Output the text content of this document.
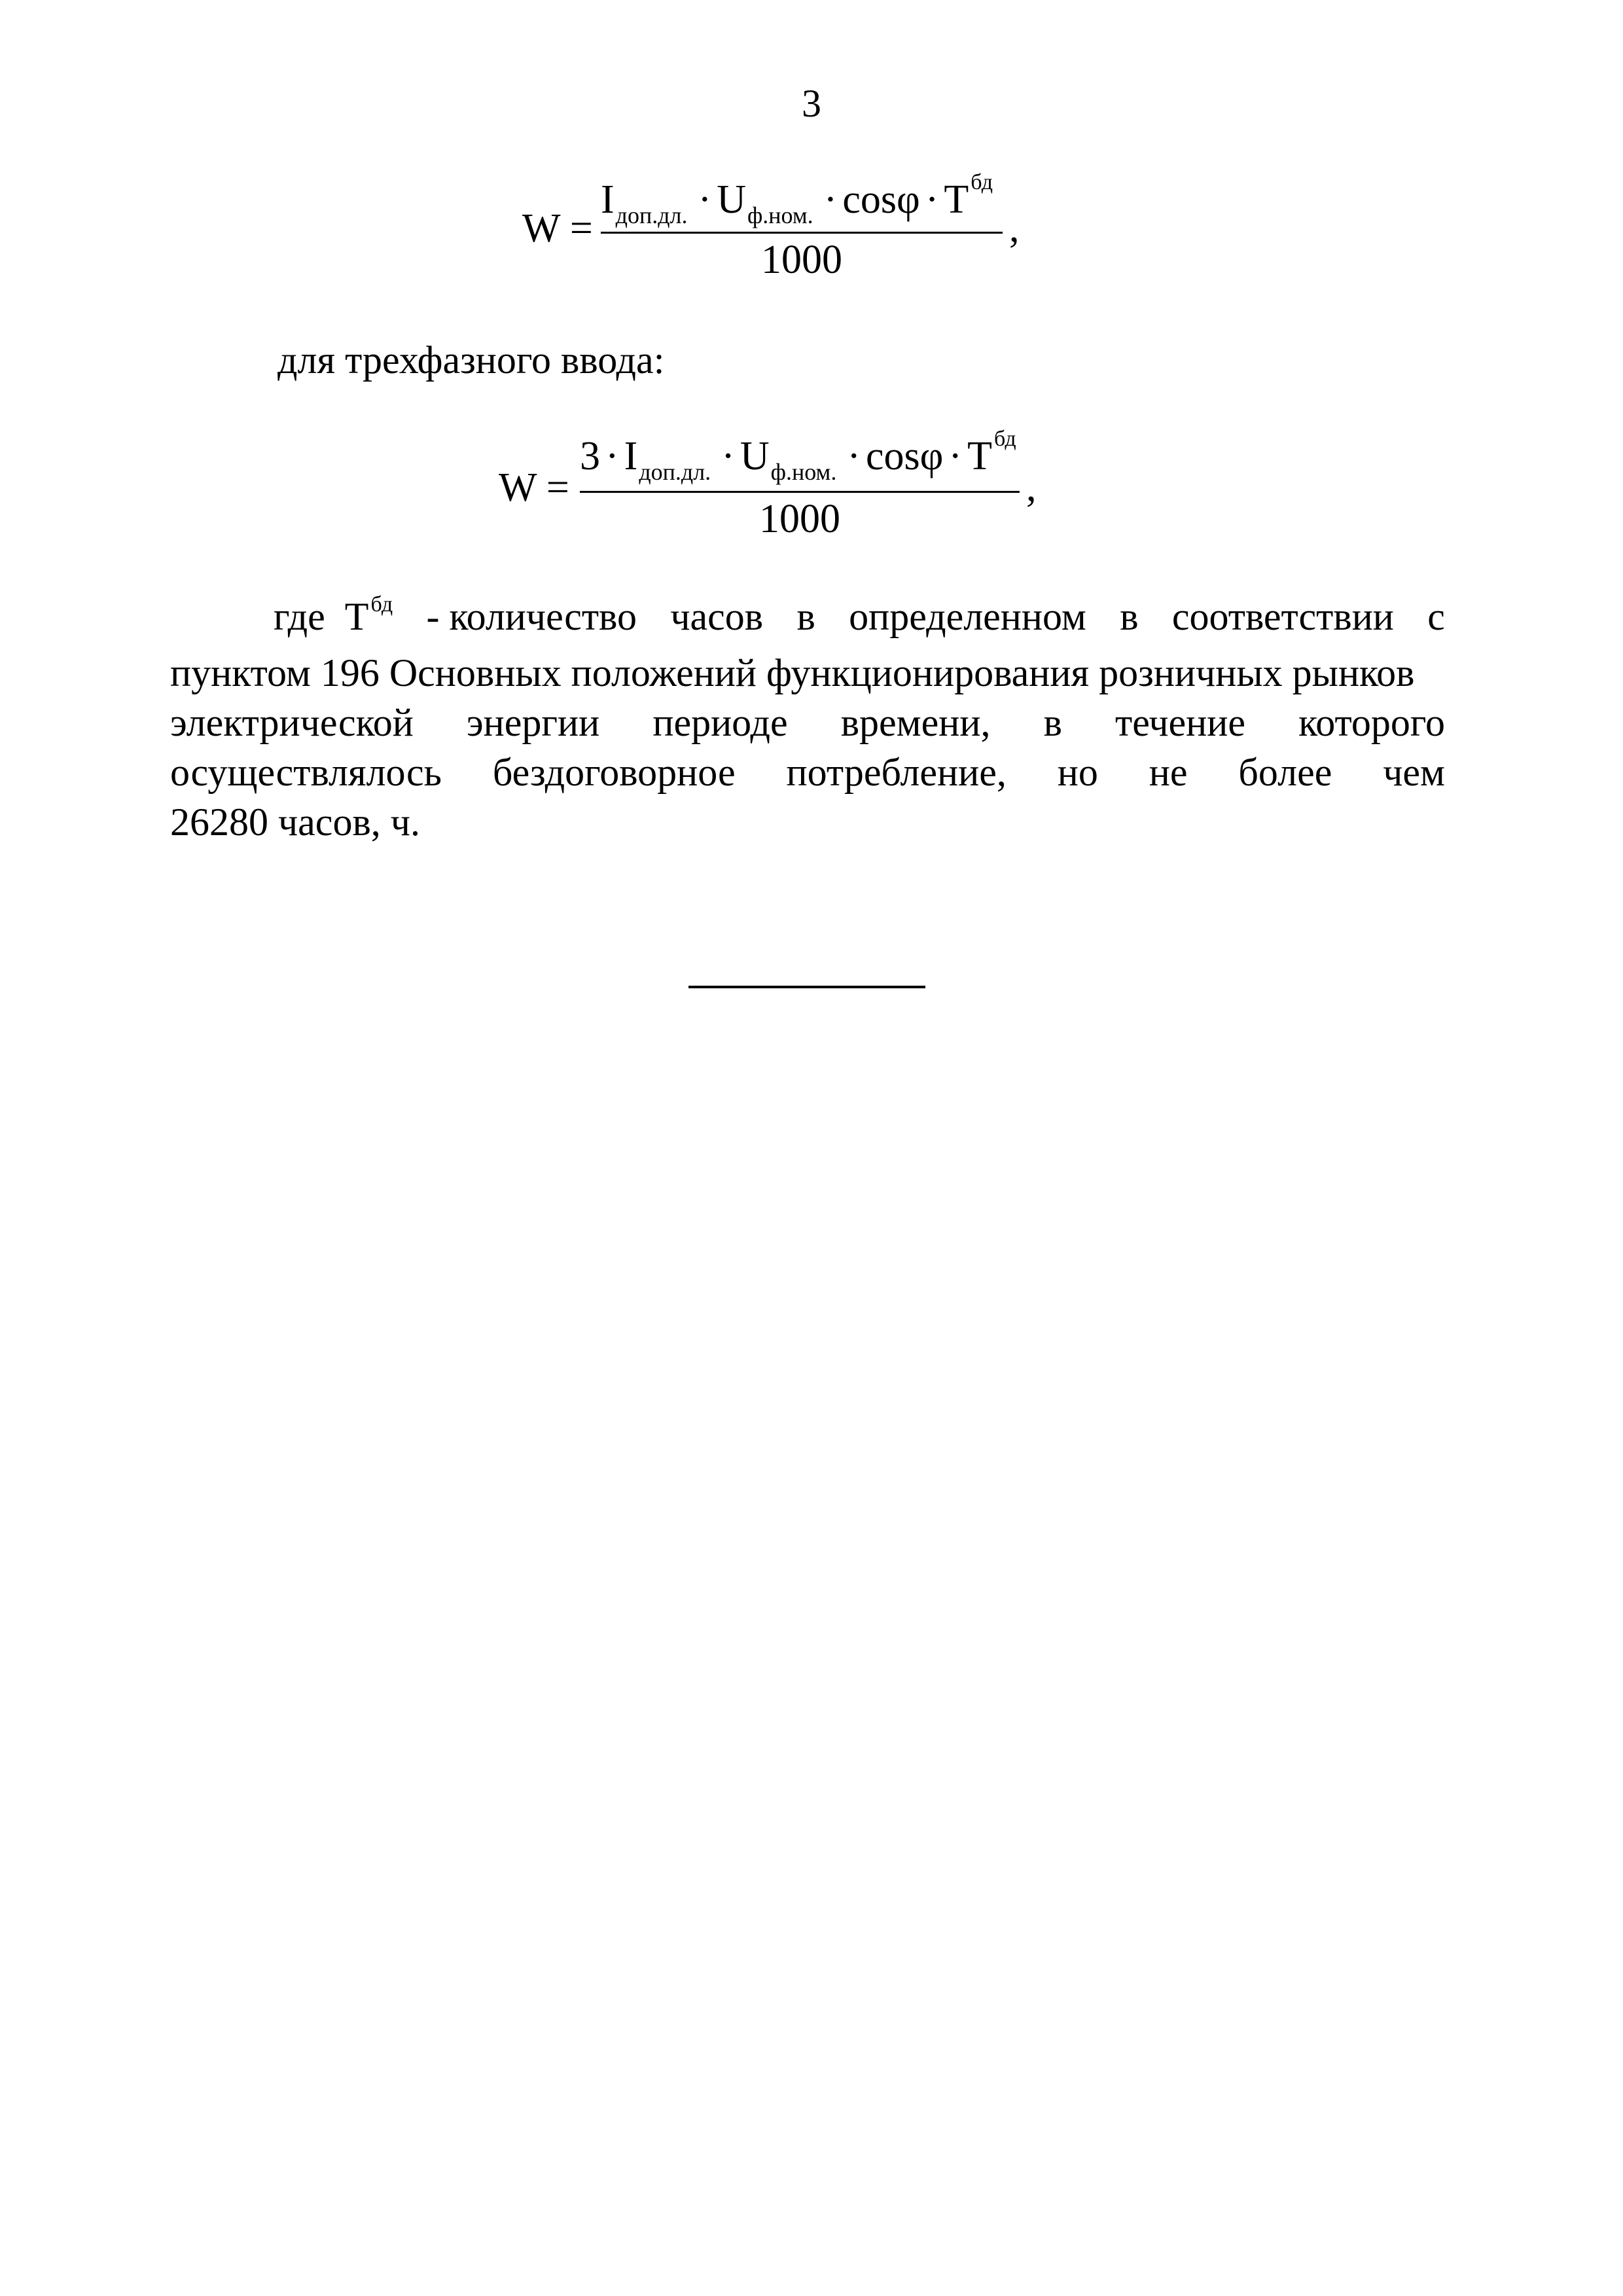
3
W =
$I_{доп.дл.} \cdot U_{ф.ном.} \cdot \cos\varphi \cdot T^{бд}$
1000
,
для трехфазного ввода:
W =
$3 \cdot I_{доп.дл.} \cdot U_{ф.ном.} \cdot \cos\varphi \cdot T^{бд}$
1000
,
где $T^{бд}$ - количество часов в определенном в соответствии с
пунктом 196 Основных положений функционирования розничных рынков
электрической энергии периоде времени, в течение которого
осуществлялось бездоговорное потребление, но не более чем
26280 часов, ч.
